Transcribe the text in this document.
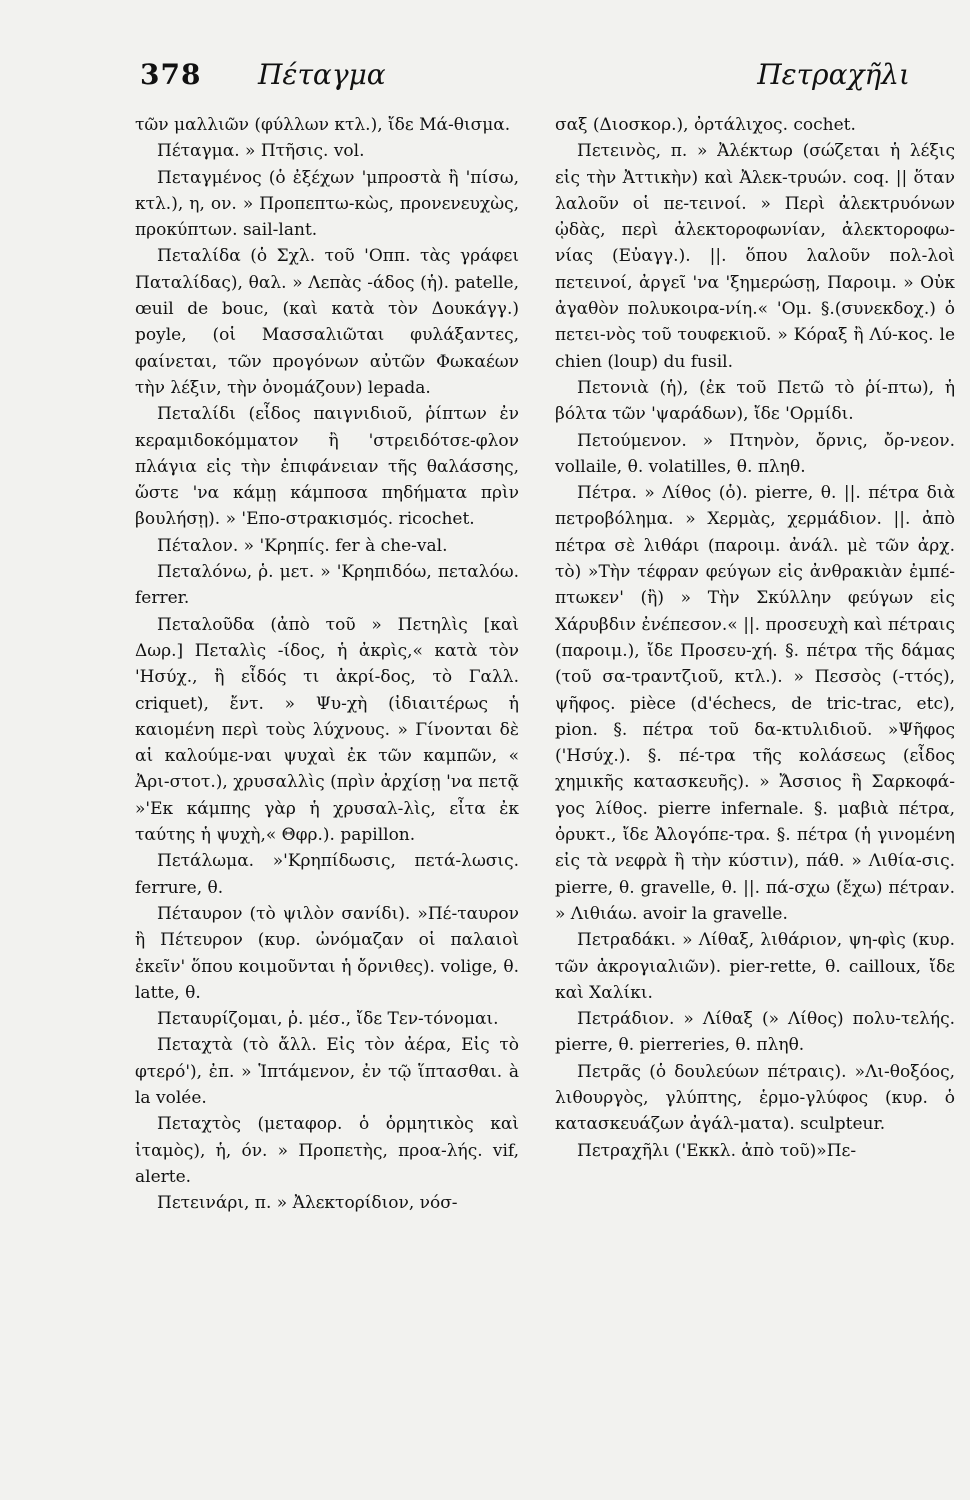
378 Πέταγμα	Πετραχῆλι

τῶν μαλλιῶν (φύλλων κτλ.), ἴδε Μά-θισμα.

Πέταγμα. » Πτῆσις. vol.

Πεταγμένος (ὁ ἐξέχων 'μπροστὰ ἢ 'πίσω, κτλ.), η, ον. » Προπεπτω-κὼς, προνενευχὼς, προκύπτων. sail-lant.

Πεταλίδα (ὁ Σχλ. τοῦ 'Οππ. τὰς γράφει Παταλίδας), θαλ. » Λεπὰς -άδος (ἡ). patelle, œuil de bouc, (καὶ κατὰ τὸν Δουκάγγ.) poyle, (οἱ Μασσαλιῶται φυλάξαντες, φαίνεται, τῶν προγόνων αὐτῶν Φωκαέων τὴν λέξιν, τὴν ὀνομάζουν) lepada.

Πεταλίδι (εἶδος παιγνιδιοῦ, ῥίπτων ἐν κεραμιδοκόμματον ἢ 'στρειδότσε-φλον πλάγια εἰς τὴν ἐπιφάνειαν τῆς θαλάσσης, ὥστε 'να κάμῃ κάμποσα πηδήματα πρὶν βουλήσῃ). » 'Επο-στρακισμός. ricochet.

Πέταλον. » 'Κρηπίς. fer à che-val.

Πεταλόνω, ῥ. μετ. » 'Κρηπιδόω, πεταλόω. ferrer.

Πεταλοῦδα (ἀπὸ τοῦ » Πετηλὶς [καὶ Δωρ.] Πεταλὶς -ίδος, ἡ ἀκρὶς,« κατὰ τὸν 'Ησύχ., ἢ εἶδός τι ἀκρί-δος, τὸ Γαλλ. criquet), ἔντ. » Ψυ-χὴ (ἰδιαιτέρως ἡ καιομένη περὶ τοὺς λύχνους. » Γίνονται δὲ αἱ καλούμε-ναι ψυχαὶ ἐκ τῶν καμπῶν, « Ἀρι-στοτ.), χρυσαλλὶς (πρὶν ἀρχίσῃ 'να πετᾷ »'Εκ κάμπης γὰρ ἡ χρυσαλ-λὶς, εἶτα ἐκ ταύτης ἡ ψυχὴ,« Θφρ.). papillon.

Πετάλωμα. »'Κρηπίδωσις, πετά-λωσις. ferrure, θ.

Πέταυρον (τὸ ψιλὸν σανίδι). »Πέ-ταυρον ἢ Πέτευρον (κυρ. ὠνόμαζαν οἱ παλαιοὶ ἐκεῖν' ὅπου κοιμοῦνται ἡ ὄρνιθες). volige, θ. latte, θ.

Πεταυρίζομαι, ῥ. μέσ., ἴδε Τεν-τόνομαι.

Πεταχτὰ (τὸ ἄλλ. Εἰς τὸν ἀέρα, Εἰς τὸ φτερό'), ἐπ. » Ἱπτάμενον, ἐν τῷ ἵπτασθαι. à la volée.

Πεταχτὸς (μεταφορ. ὁ ὁρμητικὸς καὶ ἰταμὸς), ἡ, όν. » Προπετὴς, προα-λής. vif, alerte.

Πετεινάρι, π. » Ἀλεκτορίδιον, νόσ-

σαξ (Διοσκορ.), ὀρτάλιχος. cochet.

Πετεινὸς, π. » Ἀλέκτωρ (σώζεται ἡ λέξις εἰς τὴν Ἀττικὴν) καὶ Ἀλεκ-τρυών. coq. || ὅταν λαλοῦν οἱ πε-τεινοί. » Περὶ ἀλεκτρυόνων ᾠδὰς, περὶ ἀλεκτοροφωνίαν, ἀλεκτοροφω-νίας (Εὐαγγ.). ||. ὅπου λαλοῦν πολ-λοὶ πετεινοί, ἀργεῖ 'να 'ξημερώσῃ, Παροιμ. » Οὐκ ἀγαθὸν πολυκοιρα-νίη.« 'Ομ. §.(συνεκδοχ.) ὁ πετει-νὸς τοῦ τουφεκιοῦ. » Κόραξ ἢ Λύ-κος. le chien (loup) du fusil.

Πετονιὰ (ἡ), (ἐκ τοῦ Πετῶ τὸ ῥί-πτω), ἡ βόλτα τῶν 'ψαράδων), ἴδε 'Ορμίδι.

Πετούμενον. » Πτηνὸν, ὄρνις, ὄρ-νεον. vollaile, θ. volatilles, θ. πληθ.

Πέτρα. » Λίθος (ὁ). pierre, θ. ||. πέτρα διὰ πετροβόλημα. » Χερμὰς, χερμάδιον. ||. ἀπὸ πέτρα σὲ λιθάρι (παροιμ. ἀνάλ. μὲ τῶν ἀρχ. τὸ) »Τὴν τέφραν φεύγων εἰς ἀνθρακιὰν ἐμπέ-πτωκεν' (ἢ) » Τὴν Σκύλλην φεύγων εἰς Χάρυβδιν ἐνέπεσον.« ||. προσευχὴ καὶ πέτραις (παροιμ.), ἴδε Προσευ-χή. §. πέτρα τῆς δάμας (τοῦ σα-τραντζιοῦ, κτλ.). » Πεσσὸς (-ττός), ψῆφος. pièce (d'échecs, de tric-trac, etc), pion. §. πέτρα τοῦ δα-κτυλιδιοῦ. »Ψῆφος ('Ησύχ.). §. πέ-τρα τῆς κολάσεως (εἶδος χημικῆς κατασκευῆς). » Ἄσσιος ἢ Σαρκοφά-γος λίθος. pierre infernale. §. μαβιὰ πέτρα, ὀρυκτ., ἴδε Ἀλογόπε-τρα. §. πέτρα (ἡ γινομένη εἰς τὰ νεφρὰ ἢ τὴν κύστιν), πάθ. » Λιθία-σις. pierre, θ. gravelle, θ. ||. πά-σχω (ἔχω) πέτραν. » Λιθιάω. avoir la gravelle.

Πετραδάκι. » Λίθαξ, λιθάριον, ψη-φὶς (κυρ. τῶν ἀκρογιαλιῶν). pier-rette, θ. cailloux, ἴδε καὶ Χαλίκι.

Πετράδιον. » Λίθαξ (» Λίθος) πολυ-τελής. pierre, θ. pierreries, θ. πληθ.

Πετρᾶς (ὁ δουλεύων πέτραις). »Λι-θοξόος, λιθουργὸς, γλύπτης, ἑρμο-γλύφος (κυρ. ὁ κατασκευάζων ἀγάλ-ματα). sculpteur.

Πετραχῆλι ('Εκκλ. ἀπὸ τοῦ)»Πε-
